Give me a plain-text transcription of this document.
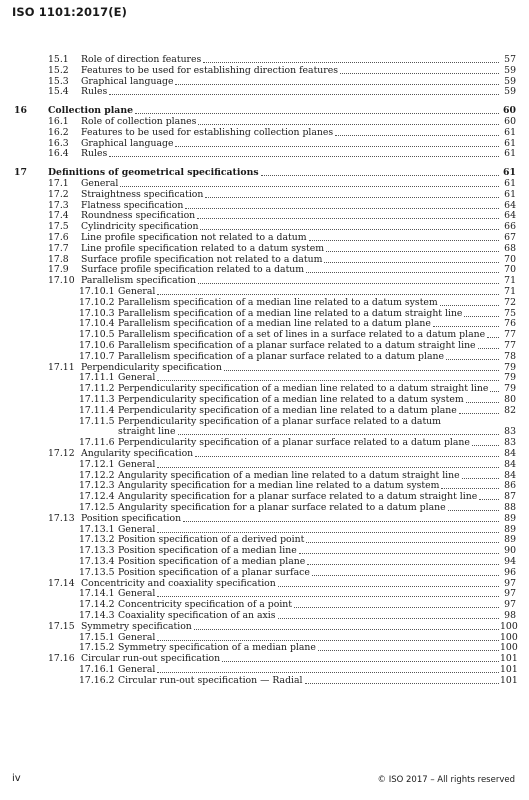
ISO 1101:2017(E)
15.1 Role of direction features	57
15.2 Features to be used for establishing direction features	59
15.3 Graphical language	59
15.4 Rules	59
16 Collection plane	60
16.1 Role of collection planes	60
16.2 Features to be used for establishing collection planes	61
16.3 Graphical language	61
16.4 Rules	61
17 Definitions of geometrical specifications	61
17.1 General	61
17.2 Straightness specification	61
17.3 Flatness specification	64
17.4 Roundness specification	64
17.5 Cylindricity specification	66
17.6 Line profile specification not related to a datum	67
17.7 Line profile specification related to a datum system	68
17.8 Surface profile specification not related to a datum	70
17.9 Surface profile specification related to a datum	70
17.10 Parallelism specification	71
17.10.1 General	71
17.10.2 Parallelism specification of a median line related to a datum system	72
17.10.3 Parallelism specification of a median line related to a datum straight line	75
17.10.4 Parallelism specification of a median line related to a datum plane	76
17.10.5 Parallelism specification of a set of lines in a surface related to a datum plane	77
17.10.6 Parallelism specification of a planar surface related to a datum straight line	77
17.10.7 Parallelism specification of a planar surface related to a datum plane	78
17.11 Perpendicularity specification	79
17.11.1 General	79
17.11.2 Perpendicularity specification of a median line related to a datum straight line	79
17.11.3 Perpendicularity specification of a median line related to a datum system	80
17.11.4 Perpendicularity specification of a median line related to a datum plane	82
17.11.5 Perpendicularity specification of a planar surface related to a datum
straight line	83
17.11.6 Perpendicularity specification of a planar surface related to a datum plane	83
17.12 Angularity specification	84
17.12.1 General	84
17.12.2 Angularity specification of a median line related to a datum straight line	84
17.12.3 Angularity specification for a median line related to a datum system	86
17.12.4 Angularity specification for a planar surface related to a datum straight line	87
17.12.5 Angularity specification for a planar surface related to a datum plane	88
17.13 Position specification	89
17.13.1 General	89
17.13.2 Position specification of a derived point	89
17.13.3 Position specification of a median line	90
17.13.4 Position specification of a median plane	94
17.13.5 Position specification of a planar surface	96
17.14 Concentricity and coaxiality specification	97
17.14.1 General	97
17.14.2 Concentricity specification of a point	97
17.14.3 Coaxiality specification of an axis	98
17.15 Symmetry specification	100
17.15.1 General	100
17.15.2 Symmetry specification of a median plane	100
17.16 Circular run-out specification	101
17.16.1 General	101
17.16.2 Circular run-out specification — Radial	101
iv	© ISO 2017 – All rights reserved
